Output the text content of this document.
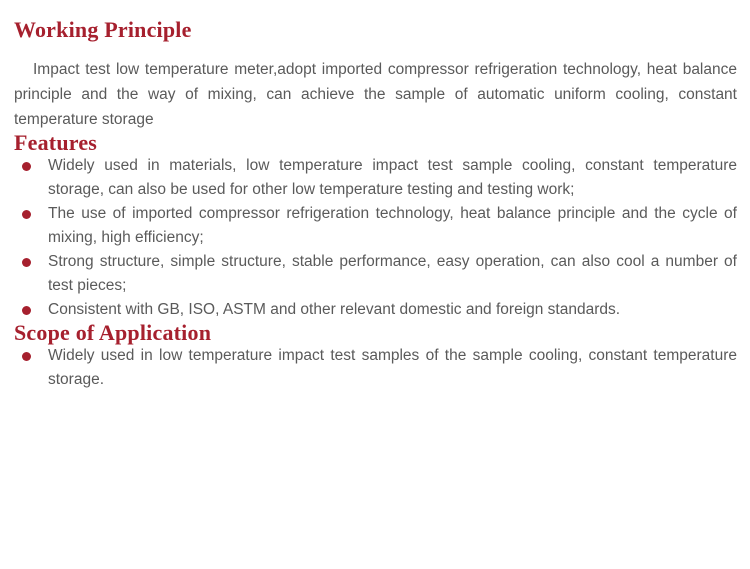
Working Principle

Impact test low temperature meter,adopt imported compressor refrigeration technology, heat balance principle and the way of mixing, can achieve the sample of automatic uniform cooling, constant temperature storage

Features
Widely used in materials, low temperature impact test sample cooling, constant temperature storage, can also be used for other low temperature testing and testing work;
The use of imported compressor refrigeration technology, heat balance principle and the cycle of mixing, high efficiency;
Strong structure, simple structure, stable performance, easy operation, can also cool a number of test pieces;
Consistent with GB, ISO, ASTM and other relevant domestic and foreign standards.
Scope of Application
Widely used in low temperature impact test samples of the sample cooling, constant temperature storage.
